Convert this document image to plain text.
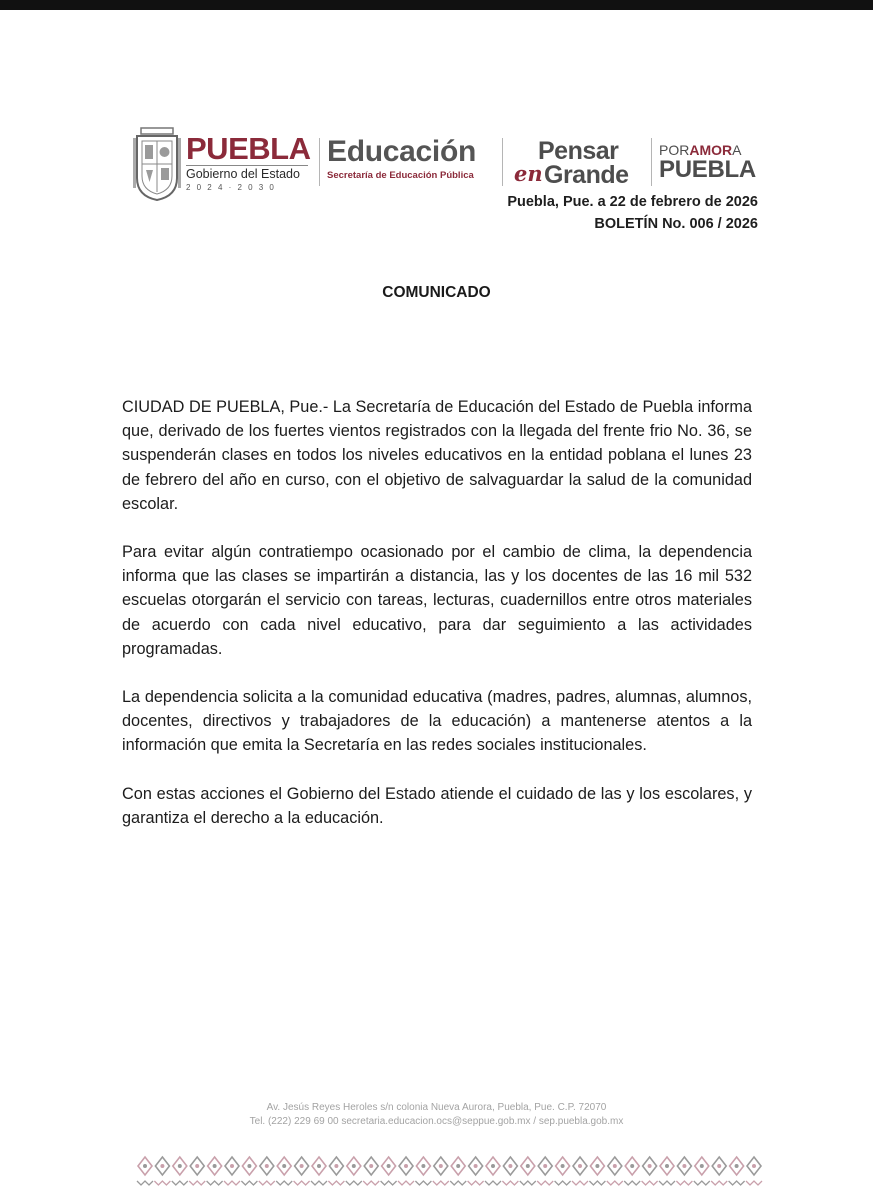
PUEBLA
Gobierno del Estado
2024·2030
Educación
Secretaría de Educación Pública
Pensar
en Grande
PORAMORA
PUEBLA
Puebla, Pue. a 22 de febrero de 2026
BOLETÍN No. 006 / 2026
COMUNICADO

CIUDAD DE PUEBLA, Pue.- La Secretaría de Educación del Estado de Puebla informa que, derivado de los fuertes vientos registrados con la llegada del frente frio No. 36, se suspenderán clases en todos los niveles educativos en la entidad poblana el lunes 23 de febrero del año en curso, con el objetivo de salvaguardar la salud de la comunidad escolar.

Para evitar algún contratiempo ocasionado por el cambio de clima, la dependencia informa que las clases se impartirán a distancia, las y los docentes de las 16 mil 532 escuelas otorgarán el servicio con tareas, lecturas, cuadernillos entre otros materiales de acuerdo con cada nivel educativo, para dar seguimiento a las actividades programadas.

La dependencia solicita a la comunidad educativa (madres, padres, alumnas, alumnos, docentes, directivos y trabajadores de la educación) a mantenerse atentos a la información que emita la Secretaría en las redes sociales institucionales.

Con estas acciones el Gobierno del Estado atiende el cuidado de las y los escolares, y garantiza el derecho a la educación.

Av. Jesús Reyes Heroles s/n colonia Nueva Aurora, Puebla, Pue. C.P. 72070
Tel. (222) 229 69 00 secretaria.educacion.ocs@seppue.gob.mx / sep.puebla.gob.mx
